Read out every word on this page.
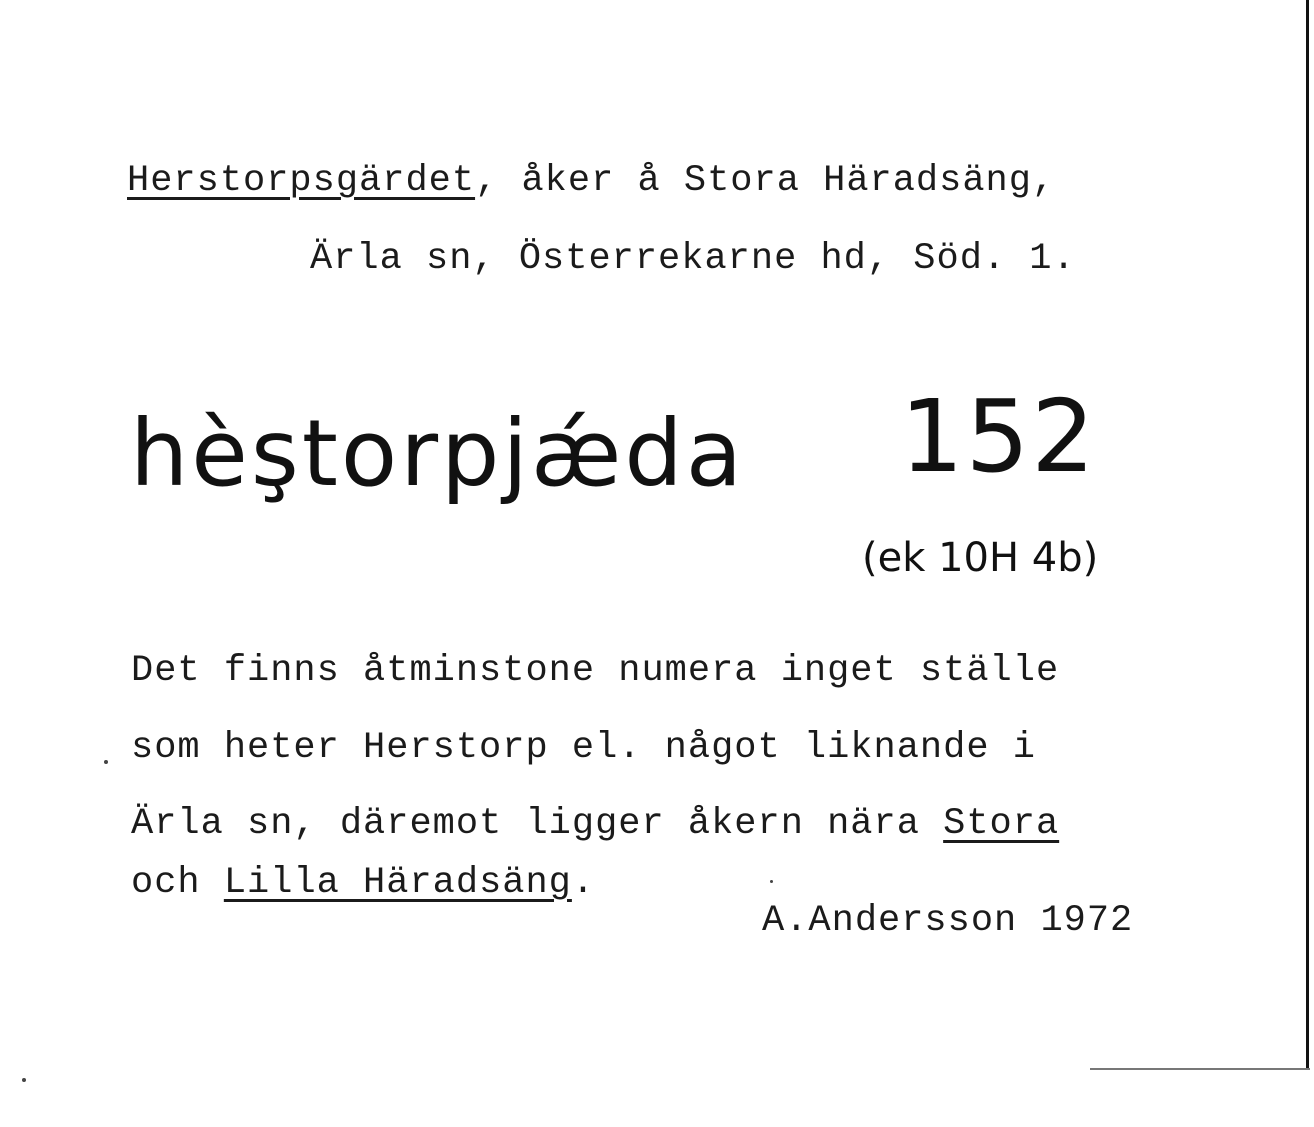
Herstorpsgärdet, åker å Stora Häradsäng,
Ärla sn, Österrekarne hd, Söd. 1.
hèştorpjǽda 152
(ek 10H 4b)
Det finns åtminstone numera inget ställe
som heter Herstorp el. något liknande i
Ärla sn, däremot ligger åkern nära Stora
och Lilla Häradsäng.
A.Andersson 1972
